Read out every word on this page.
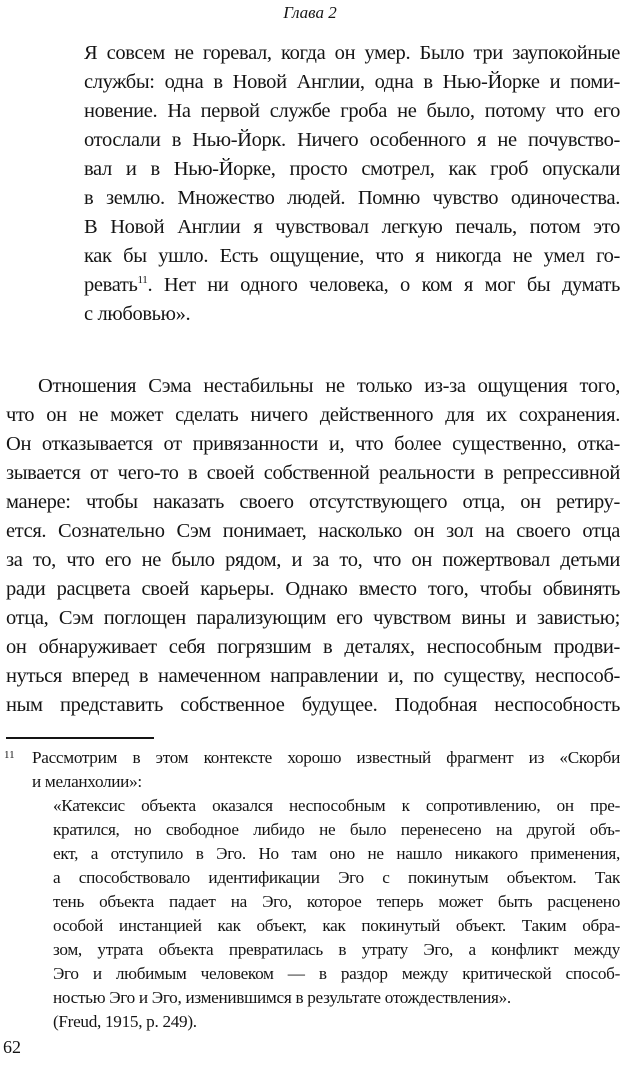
Глава 2
Я совсем не горевал, когда он умер. Было три заупокойные
службы: одна в Новой Англии, одна в Нью-Йорке и поми-
новение. На первой службе гроба не было, потому что его
отослали в Нью-Йорк. Ничего особенного я не почувство-
вал и в Нью-Йорке, просто смотрел, как гроб опускали
в землю. Множество людей. Помню чувство одиночества.
В Новой Англии я чувствовал легкую печаль, потом это
как бы ушло. Есть ощущение, что я никогда не умел го-
ревать$^{11}$. Нет ни одного человека, о ком я мог бы думать
с любовью».
Отношения Сэма нестабильны не только из-за ощущения того,
что он не может сделать ничего действенного для их сохранения.
Он отказывается от привязанности и, что более существенно, отка-
зывается от чего-то в своей собственной реальности в репрессивной
манере: чтобы наказать своего отсутствующего отца, он ретиру-
ется. Сознательно Сэм понимает, насколько он зол на своего отца
за то, что его не было рядом, и за то, что он пожертвовал детьми
ради расцвета своей карьеры. Однако вместо того, чтобы обвинять
отца, Сэм поглощен парализующим его чувством вины и завистью;
он обнаруживает себя погрязшим в деталях, неспособным продви-
нуться вперед в намеченном направлении и, по существу, неспособ-
ным представить собственное будущее. Подобная неспособность
11 Рассмотрим в этом контексте хорошо известный фрагмент из «Скорби
и меланхолии»:
«Катексис объекта оказался неспособным к сопротивлению, он пре-
кратился, но свободное либидо не было перенесено на другой объ-
ект, а отступило в Эго. Но там оно не нашло никакого применения,
а способствовало идентификации Эго с покинутым объектом. Так
тень объекта падает на Эго, которое теперь может быть расценено
особой инстанцией как объект, как покинутый объект. Таким обра-
зом, утрата объекта превратилась в утрату Эго, а конфликт между
Эго и любимым человеком — в раздор между критической способ-
ностью Эго и Эго, изменившимся в результате отождествления».
(Freud, 1915, p. 249).
62
